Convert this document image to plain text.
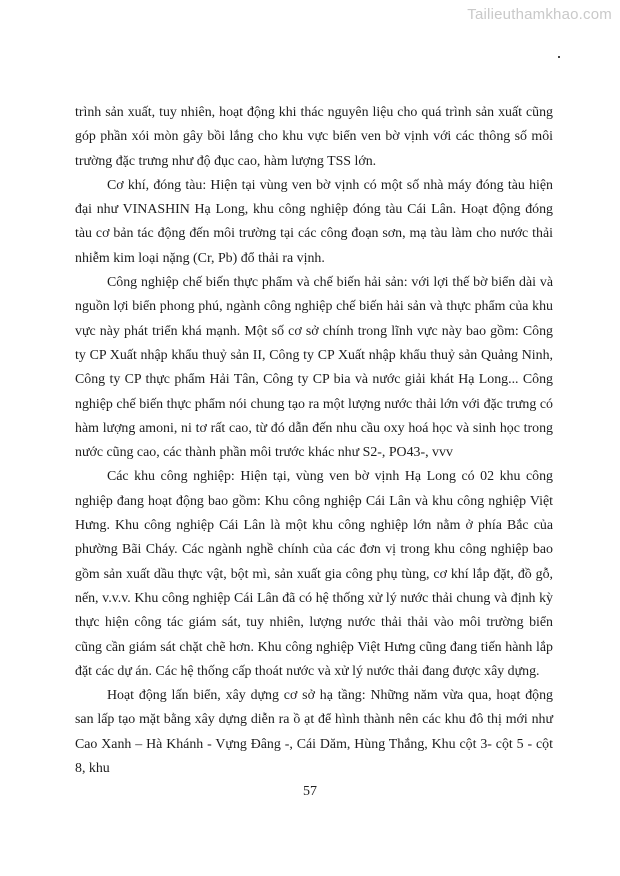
Tailieuthamkhao.com

trình sản xuất, tuy nhiên, hoạt động khi thác nguyên liệu cho quá trình sản xuất cũng góp phần xói mòn gây bồi lắng cho khu vực biển ven bờ vịnh với các thông số môi trường đặc trưng như độ đục cao, hàm lượng TSS lớn.

Cơ khí, đóng tàu: Hiện tại vùng ven bờ vịnh có một số nhà máy đóng tàu hiện đại như VINASHIN Hạ Long, khu công nghiệp đóng tàu Cái Lân. Hoạt động đóng tàu cơ bản tác động đến môi trường tại các công đoạn sơn, mạ tàu làm cho nước thải nhiễm kim loại nặng (Cr, Pb) đổ thải ra vịnh.

Công nghiệp chế biến thực phẩm và chế biến hải sản: với lợi thế bờ biển dài và nguồn lợi biển phong phú, ngành công nghiệp chế biến hải sản và thực phẩm của khu vực này phát triển khá mạnh. Một số cơ sở chính trong lĩnh vực này bao gồm: Công ty CP Xuất nhập khẩu thuỷ sản II, Công ty CP Xuất nhập khẩu thuỷ sản Quảng Ninh, Công ty CP thực phẩm Hải Tân, Công ty CP bia và nước giải khát Hạ Long... Công nghiệp chế biến thực phẩm nói chung tạo ra một lượng nước thải lớn với đặc trưng có hàm lượng amoni, ni tơ rất cao, từ đó dẫn đến nhu cầu oxy hoá học và sinh học trong nước cũng cao, các thành phần môi trước khác như S2-, PO43-, vvv

Các khu công nghiệp: Hiện tại, vùng ven bờ vịnh Hạ Long có 02 khu công nghiệp đang hoạt động bao gồm: Khu công nghiệp Cái Lân và khu công nghiệp Việt Hưng. Khu công nghiệp Cái Lân là một khu công nghiệp lớn nằm ở phía Bắc của phường Bãi Cháy. Các ngành nghề chính của các đơn vị trong khu công nghiệp bao gồm sản xuất dầu thực vật, bột mì, sản xuất gia công phụ tùng, cơ khí lắp đặt, đồ gỗ, nến, v.v.v. Khu công nghiệp Cái Lân đã có hệ thống xử lý nước thải chung và định kỳ thực hiện công tác giám sát, tuy nhiên, lượng nước thải thải vào môi trường biển cũng cần giám sát chặt chẽ hơn. Khu công nghiệp Việt Hưng cũng đang tiến hành lắp đặt các dự án. Các hệ thống cấp thoát nước và xử lý nước thải đang được xây dựng.

Hoạt động lấn biển, xây dựng cơ sở hạ tầng: Những năm vừa qua, hoạt động san lấp tạo mặt bằng xây dựng diễn ra ồ ạt để hình thành nên các khu đô thị mới như Cao Xanh – Hà Khánh - Vựng Đâng -, Cái Dăm, Hùng Thắng, Khu cột 3- cột 5 - cột 8, khu

57
